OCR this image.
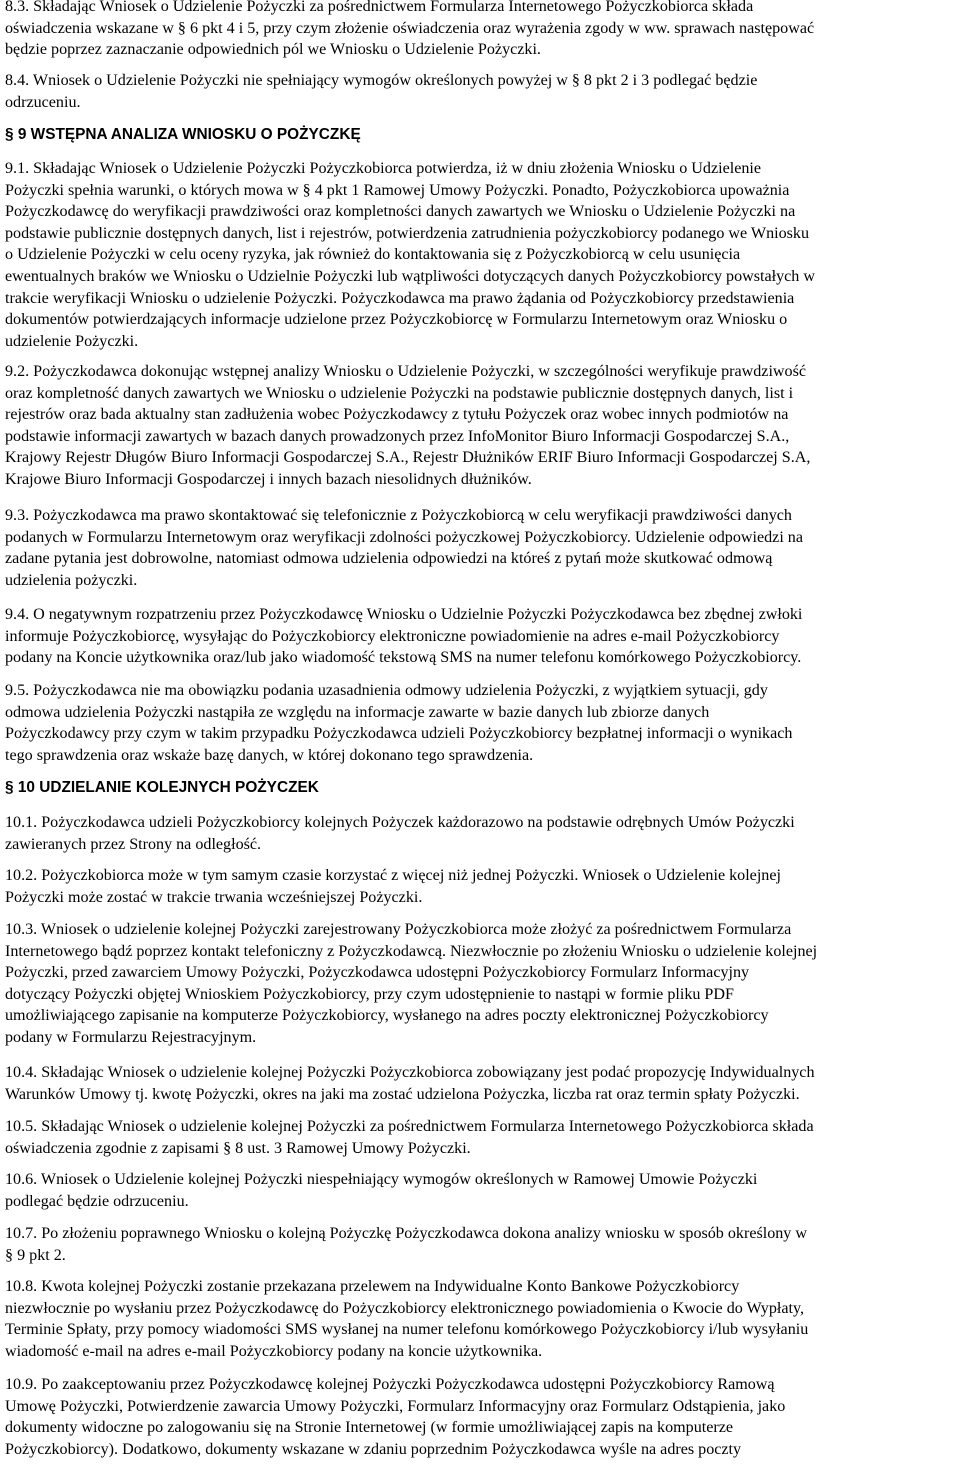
8.3. Składając Wniosek o Udzielenie Pożyczki za pośrednictwem Formularza Internetowego Pożyczkobiorca składa
oświadczenia wskazane w § 6 pkt 4 i 5, przy czym złożenie oświadczenia oraz wyrażenia zgody w ww. sprawach następować
będzie poprzez zaznaczanie odpowiednich pól we Wniosku o Udzielenie Pożyczki.

8.4. Wniosek o Udzielenie Pożyczki nie spełniający wymogów określonych powyżej w § 8 pkt 2 i 3 podlegać będzie
odrzuceniu.

§ 9 WSTĘPNA ANALIZA WNIOSKU O POŻYCZKĘ

9.1. Składając Wniosek o Udzielenie Pożyczki Pożyczkobiorca potwierdza, iż w dniu złożenia Wniosku o Udzielenie
Pożyczki spełnia warunki, o których mowa w § 4 pkt 1 Ramowej Umowy Pożyczki. Ponadto, Pożyczkobiorca upoważnia
Pożyczkodawcę do weryfikacji prawdziwości oraz kompletności danych zawartych we Wniosku o Udzielenie Pożyczki na
podstawie publicznie dostępnych danych, list i rejestrów, potwierdzenia zatrudnienia pożyczkobiorcy podanego we Wniosku
o Udzielenie Pożyczki w celu oceny ryzyka, jak również do kontaktowania się z Pożyczkobiorcą w celu usunięcia
ewentualnych braków we Wniosku o Udzielnie Pożyczki lub wątpliwości dotyczących danych Pożyczkobiorcy powstałych w
trakcie weryfikacji Wniosku o udzielenie Pożyczki. Pożyczkodawca ma prawo żądania od Pożyczkobiorcy przedstawienia
dokumentów potwierdzających informacje udzielone przez Pożyczkobiorcę w Formularzu Internetowym oraz Wniosku o
udzielenie Pożyczki.

9.2. Pożyczkodawca dokonując wstępnej analizy Wniosku o Udzielenie Pożyczki, w szczególności weryfikuje prawdziwość
oraz kompletność danych zawartych we Wniosku o udzielenie Pożyczki na podstawie publicznie dostępnych danych, list i
rejestrów oraz bada aktualny stan zadłużenia wobec Pożyczkodawcy z tytułu Pożyczek oraz wobec innych podmiotów na
podstawie informacji zawartych w bazach danych prowadzonych przez InfoMonitor Biuro Informacji Gospodarczej S.A.,
Krajowy Rejestr Długów Biuro Informacji Gospodarczej S.A., Rejestr Dłużników ERIF Biuro Informacji Gospodarczej S.A,
Krajowe Biuro Informacji Gospodarczej i innych bazach niesolidnych dłużników.

9.3. Pożyczkodawca ma prawo skontaktować się telefonicznie z Pożyczkobiorcą w celu weryfikacji prawdziwości danych
podanych w Formularzu Internetowym oraz weryfikacji zdolności pożyczkowej Pożyczkobiorcy. Udzielenie odpowiedzi na
zadane pytania jest dobrowolne, natomiast odmowa udzielenia odpowiedzi na któreś z pytań może skutkować odmową
udzielenia pożyczki.

9.4. O negatywnym rozpatrzeniu przez Pożyczkodawcę Wniosku o Udzielnie Pożyczki Pożyczkodawca bez zbędnej zwłoki
informuje Pożyczkobiorcę, wysyłając do Pożyczkobiorcy elektroniczne powiadomienie na adres e-mail Pożyczkobiorcy
podany na Koncie użytkownika oraz/lub jako wiadomość tekstową SMS na numer telefonu komórkowego Pożyczkobiorcy.

9.5. Pożyczkodawca nie ma obowiązku podania uzasadnienia odmowy udzielenia Pożyczki, z wyjątkiem sytuacji, gdy
odmowa udzielenia Pożyczki nastąpiła ze względu na informacje zawarte w bazie danych lub zbiorze danych
Pożyczkodawcy przy czym w takim przypadku Pożyczkodawca udzieli Pożyczkobiorcy bezpłatnej informacji o wynikach
tego sprawdzenia oraz wskaże bazę danych, w której dokonano tego sprawdzenia.

§ 10 UDZIELANIE KOLEJNYCH POŻYCZEK

10.1. Pożyczkodawca udzieli Pożyczkobiorcy kolejnych Pożyczek każdorazowo na podstawie odrębnych Umów Pożyczki
zawieranych przez Strony na odległość.

10.2. Pożyczkobiorca może w tym samym czasie korzystać z więcej niż jednej Pożyczki. Wniosek o Udzielenie kolejnej
Pożyczki może zostać w trakcie trwania wcześniejszej Pożyczki.

10.3. Wniosek o udzielenie kolejnej Pożyczki zarejestrowany Pożyczkobiorca może złożyć za pośrednictwem Formularza
Internetowego bądź poprzez kontakt telefoniczny z Pożyczkodawcą. Niezwłocznie po złożeniu Wniosku o udzielenie kolejnej
Pożyczki, przed zawarciem Umowy Pożyczki, Pożyczkodawca udostępni Pożyczkobiorcy Formularz Informacyjny
dotyczący Pożyczki objętej Wnioskiem Pożyczkobiorcy, przy czym udostępnienie to nastąpi w formie pliku PDF
umożliwiającego zapisanie na komputerze Pożyczkobiorcy, wysłanego na adres poczty elektronicznej Pożyczkobiorcy
podany w Formularzu Rejestracyjnym.

10.4. Składając Wniosek o udzielenie kolejnej Pożyczki Pożyczkobiorca zobowiązany jest podać propozycję Indywidualnych
Warunków Umowy tj. kwotę Pożyczki, okres na jaki ma zostać udzielona Pożyczka, liczba rat oraz termin spłaty Pożyczki.

10.5. Składając Wniosek o udzielenie kolejnej Pożyczki za pośrednictwem Formularza Internetowego Pożyczkobiorca składa
oświadczenia zgodnie z zapisami § 8 ust. 3 Ramowej Umowy Pożyczki.

10.6. Wniosek o Udzielenie kolejnej Pożyczki niespełniający wymogów określonych w Ramowej Umowie Pożyczki
podlegać będzie odrzuceniu.

10.7. Po złożeniu poprawnego Wniosku o kolejną Pożyczkę Pożyczkodawca dokona analizy wniosku w sposób określony w
§ 9 pkt 2.

10.8. Kwota kolejnej Pożyczki zostanie przekazana przelewem na Indywidualne Konto Bankowe Pożyczkobiorcy
niezwłocznie po wysłaniu przez Pożyczkodawcę do Pożyczkobiorcy elektronicznego powiadomienia o Kwocie do Wypłaty,
Terminie Spłaty, przy pomocy wiadomości SMS wysłanej na numer telefonu komórkowego Pożyczkobiorcy i/lub wysyłaniu
wiadomość e-mail na adres e-mail Pożyczkobiorcy podany na koncie użytkownika.

10.9. Po zaakceptowaniu przez Pożyczkodawcę kolejnej Pożyczki Pożyczkodawca udostępni Pożyczkobiorcy Ramową
Umowę Pożyczki, Potwierdzenie zawarcia Umowy Pożyczki, Formularz Informacyjny oraz Formularz Odstąpienia, jako
dokumenty widoczne po zalogowaniu się na Stronie Internetowej (w formie umożliwiającej zapis na komputerze
Pożyczkobiorcy). Dodatkowo, dokumenty wskazane w zdaniu poprzednim Pożyczkodawca wyśle na adres poczty
